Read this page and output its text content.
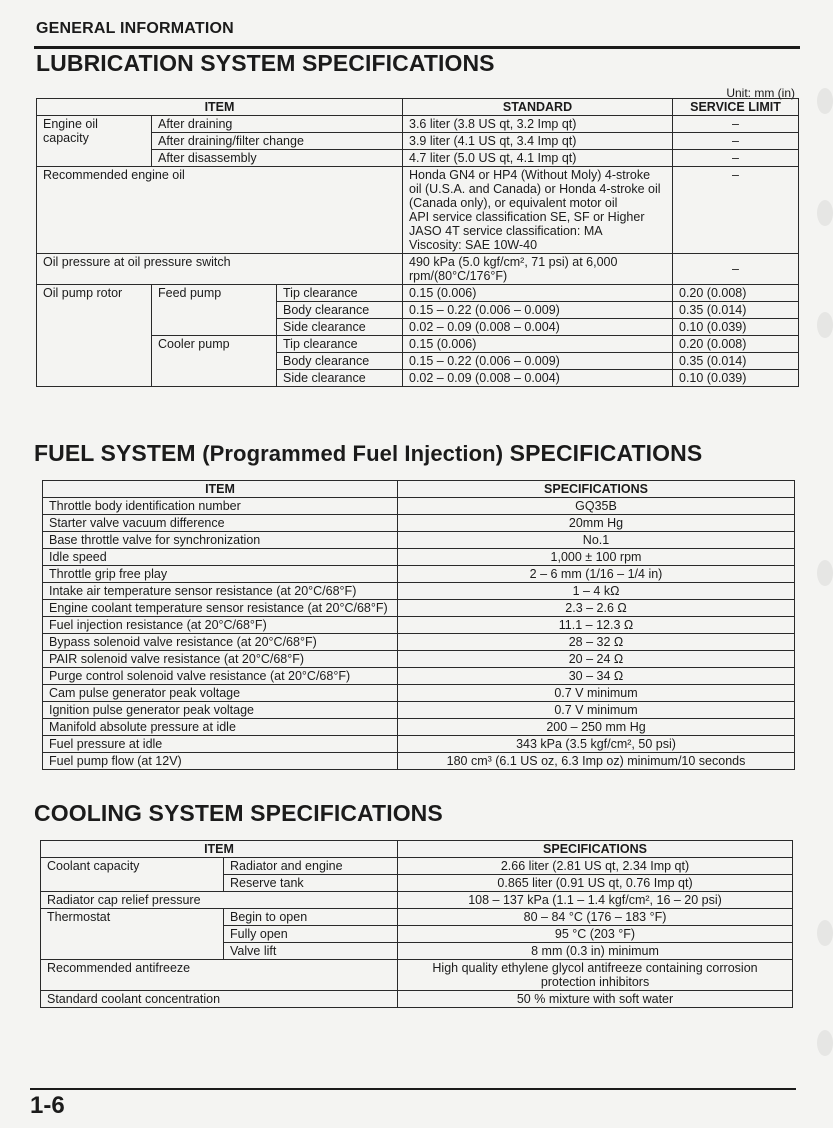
GENERAL INFORMATION
LUBRICATION SYSTEM SPECIFICATIONS
Unit: mm (in)
ITEM			STANDARD	SERVICE LIMIT
Engine oil capacity	After draining		3.6 liter (3.8 US qt, 3.2 Imp qt)	–
	After draining/filter change		3.9 liter (4.1 US qt, 3.4 Imp qt)	–
	After disassembly		4.7 liter (5.0 US qt, 4.1 Imp qt)	–
Recommended engine oil			Honda GN4 or HP4 (Without Moly) 4-stroke oil (U.S.A. and Canada) or Honda 4-stroke oil (Canada only), or equivalent motor oil
API service classification SE, SF or Higher
JASO 4T service classification: MA
Viscosity: SAE 10W-40	–
Oil pressure at oil pressure switch			490 kPa (5.0 kgf/cm², 71 psi) at 6,000 rpm/(80°C/176°F)	–
Oil pump rotor	Feed pump	Tip clearance	0.15 (0.006)	0.20 (0.008)
		Body clearance	0.15 – 0.22 (0.006 – 0.009)	0.35 (0.014)
		Side clearance	0.02 – 0.09 (0.008 – 0.004)	0.10 (0.039)
	Cooler pump	Tip clearance	0.15 (0.006)	0.20 (0.008)
		Body clearance	0.15 – 0.22 (0.006 – 0.009)	0.35 (0.014)
		Side clearance	0.02 – 0.09 (0.008 – 0.004)	0.10 (0.039)
FUEL SYSTEM (Programmed Fuel Injection) SPECIFICATIONS
ITEM	SPECIFICATIONS
Throttle body identification number	GQ35B
Starter valve vacuum difference	20mm Hg
Base throttle valve for synchronization	No.1
Idle speed	1,000 ± 100 rpm
Throttle grip free play	2 – 6 mm (1/16 – 1/4 in)
Intake air temperature sensor resistance (at 20°C/68°F)	1 – 4 kΩ
Engine coolant temperature sensor resistance (at 20°C/68°F)	2.3 – 2.6 Ω
Fuel injection resistance (at 20°C/68°F)	11.1 – 12.3 Ω
Bypass solenoid valve resistance (at 20°C/68°F)	28 – 32 Ω
PAIR solenoid valve resistance (at 20°C/68°F)	20 – 24 Ω
Purge control solenoid valve resistance (at 20°C/68°F)	30 – 34 Ω
Cam pulse generator peak voltage	0.7 V minimum
Ignition pulse generator peak voltage	0.7 V minimum
Manifold absolute pressure at idle	200 – 250 mm Hg
Fuel pressure at idle	343 kPa (3.5 kgf/cm², 50 psi)
Fuel pump flow (at 12V)	180 cm³ (6.1 US oz, 6.3 Imp oz) minimum/10 seconds
COOLING SYSTEM SPECIFICATIONS
ITEM		SPECIFICATIONS
Coolant capacity	Radiator and engine	2.66 liter (2.81 US qt, 2.34 Imp qt)
	Reserve tank	0.865 liter (0.91 US qt, 0.76 Imp qt)
Radiator cap relief pressure		108 – 137 kPa (1.1 – 1.4 kgf/cm², 16 – 20 psi)
Thermostat	Begin to open	80 – 84 °C (176 – 183 °F)
	Fully open	95 °C (203 °F)
	Valve lift	8 mm (0.3 in) minimum
Recommended antifreeze		High quality ethylene glycol antifreeze containing corrosion protection inhibitors
Standard coolant concentration		50 % mixture with soft water
1-6
